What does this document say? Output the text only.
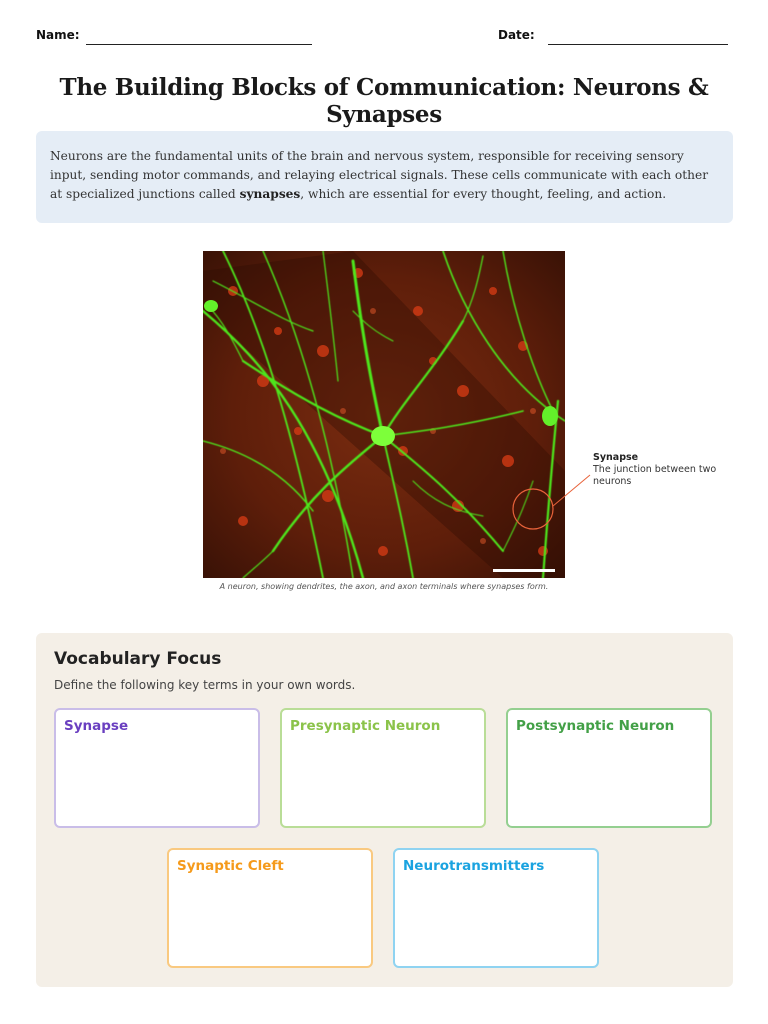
Name:	Date:
The Building Blocks of Communication: Neurons & Synapses
Neurons are the fundamental units of the brain and nervous system, responsible for receiving sensory input, sending motor commands, and relaying electrical signals. These cells communicate with each other at specialized junctions called synapses, which are essential for every thought, feeling, and action.
Synapse
The junction between two neurons
A neuron, showing dendrites, the axon, and axon terminals where synapses form.
Vocabulary Focus
Define the following key terms in your own words.
Synapse	Presynaptic Neuron	Postsynaptic Neuron
Synaptic Cleft	Neurotransmitters
